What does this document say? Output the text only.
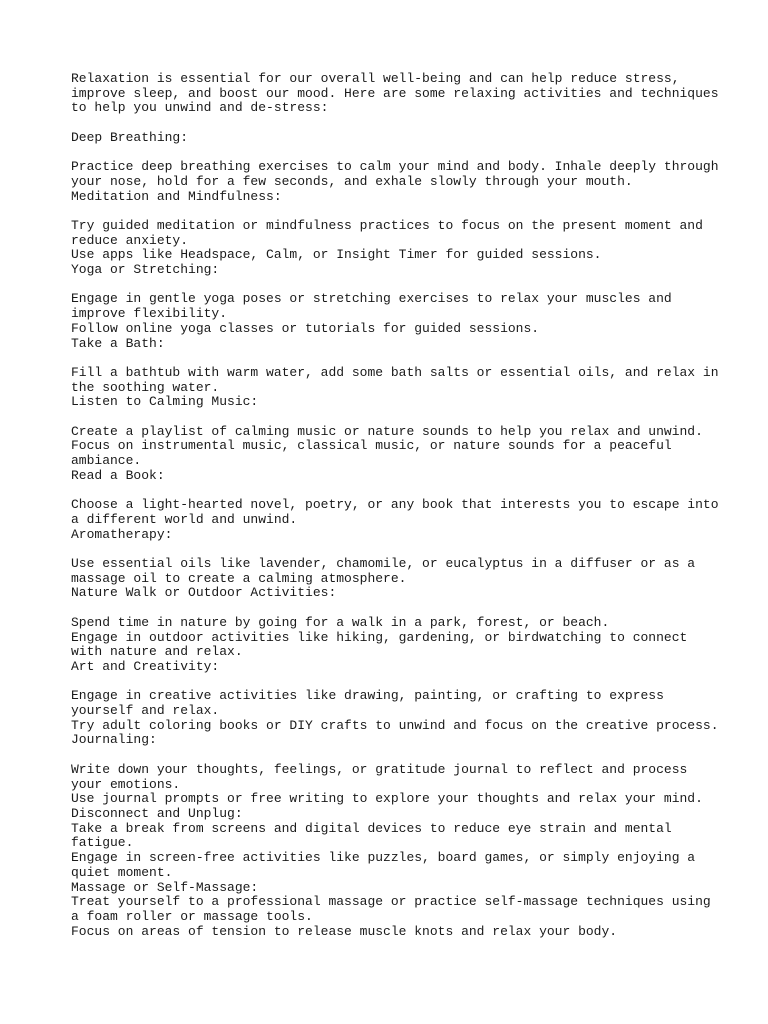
Relaxation is essential for our overall well-being and can help reduce stress,
improve sleep, and boost our mood. Here are some relaxing activities and techniques
to help you unwind and de-stress:
Deep Breathing:
Practice deep breathing exercises to calm your mind and body. Inhale deeply through
your nose, hold for a few seconds, and exhale slowly through your mouth.
Meditation and Mindfulness:
Try guided meditation or mindfulness practices to focus on the present moment and
reduce anxiety.
Use apps like Headspace, Calm, or Insight Timer for guided sessions.
Yoga or Stretching:
Engage in gentle yoga poses or stretching exercises to relax your muscles and
improve flexibility.
Follow online yoga classes or tutorials for guided sessions.
Take a Bath:
Fill a bathtub with warm water, add some bath salts or essential oils, and relax in
the soothing water.
Listen to Calming Music:
Create a playlist of calming music or nature sounds to help you relax and unwind.
Focus on instrumental music, classical music, or nature sounds for a peaceful
ambiance.
Read a Book:
Choose a light-hearted novel, poetry, or any book that interests you to escape into
a different world and unwind.
Aromatherapy:
Use essential oils like lavender, chamomile, or eucalyptus in a diffuser or as a
massage oil to create a calming atmosphere.
Nature Walk or Outdoor Activities:
Spend time in nature by going for a walk in a park, forest, or beach.
Engage in outdoor activities like hiking, gardening, or birdwatching to connect
with nature and relax.
Art and Creativity:
Engage in creative activities like drawing, painting, or crafting to express
yourself and relax.
Try adult coloring books or DIY crafts to unwind and focus on the creative process.
Journaling:
Write down your thoughts, feelings, or gratitude journal to reflect and process
your emotions.
Use journal prompts or free writing to explore your thoughts and relax your mind.
Disconnect and Unplug:
Take a break from screens and digital devices to reduce eye strain and mental
fatigue.
Engage in screen-free activities like puzzles, board games, or simply enjoying a
quiet moment.
Massage or Self-Massage:
Treat yourself to a professional massage or practice self-massage techniques using
a foam roller or massage tools.
Focus on areas of tension to release muscle knots and relax your body.
